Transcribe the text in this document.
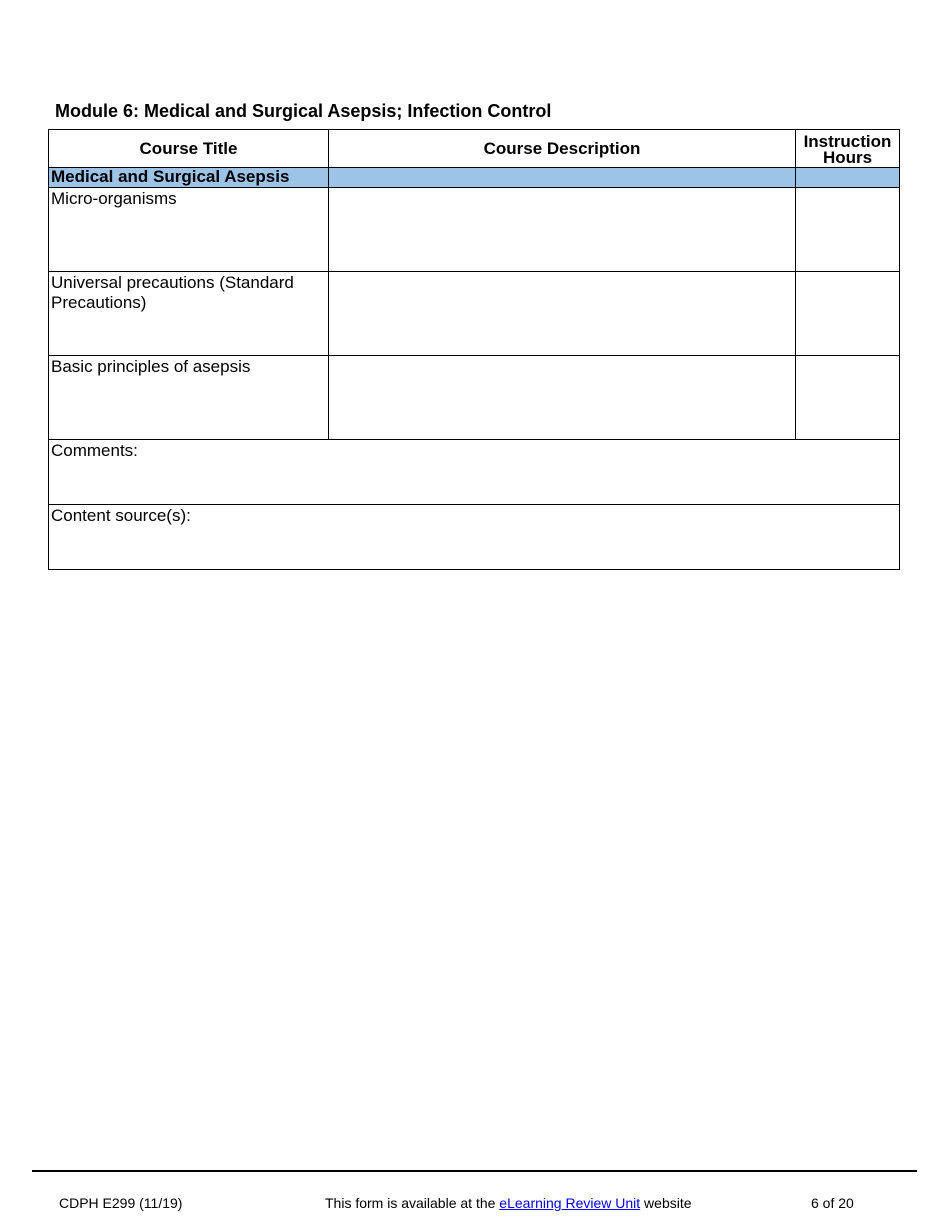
Module 6: Medical and Surgical Asepsis; Infection Control
Course Title	Course Description	Instruction
Hours
Medical and Surgical Asepsis		
Micro-organisms		
Universal precautions (Standard Precautions)		
Basic principles of asepsis		
Comments:		
Content source(s):		
CDPH E299 (11/19)	This form is available at the eLearning Review Unit website	6 of 20
